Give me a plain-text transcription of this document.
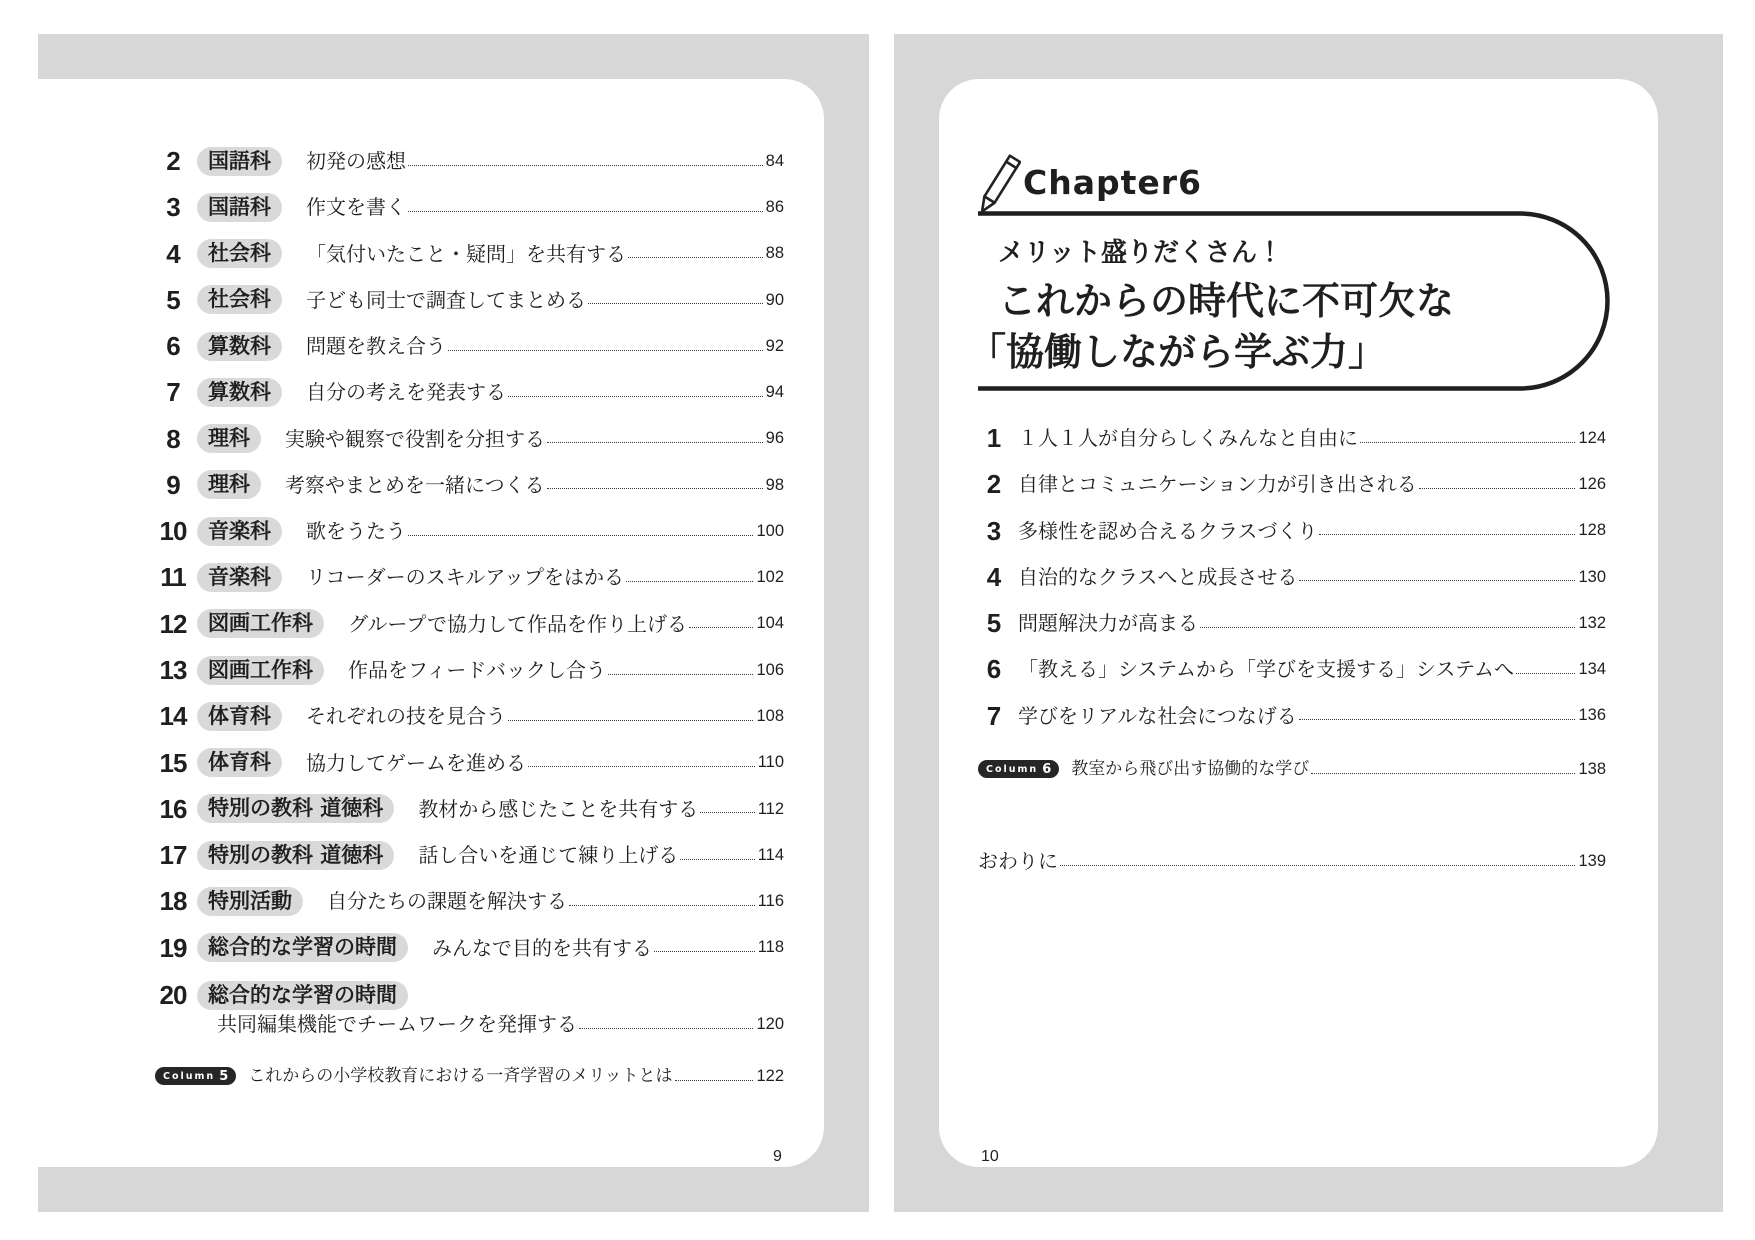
2	国語科	初発の感想	84
3	国語科	作文を書く	86
4	社会科	「気付いたこと・疑問」を共有する	88
5	社会科	子ども同士で調査してまとめる	90
6	算数科	問題を教え合う	92
7	算数科	自分の考えを発表する	94
8	理科	実験や観察で役割を分担する	96
9	理科	考察やまとめを一緒につくる	98
10	音楽科	歌をうたう	100
11	音楽科	リコーダーのスキルアップをはかる	102
12	図画工作科	グループで協力して作品を作り上げる	104
13	図画工作科	作品をフィードバックし合う	106
14	体育科	それぞれの技を見合う	108
15	体育科	協力してゲームを進める	110
16	特別の教科 道徳科	教材から感じたことを共有する	112
17	特別の教科 道徳科	話し合いを通じて練り上げる	114
18	特別活動	自分たちの課題を解決する	116
19	総合的な学習の時間	みんなで目的を共有する	118
20	総合的な学習の時間
共同編集機能でチームワークを発揮する	120
Column 5 これからの小学校教育における一斉学習のメリットとは	122
9
Chapter6
メリット盛りだくさん！
これからの時代に不可欠な
「協働しながら学ぶ力」
1 １人１人が自分らしくみんなと自由に	124
2 自律とコミュニケーション力が引き出される	126
3 多様性を認め合えるクラスづくり	128
4 自治的なクラスへと成長させる	130
5 問題解決力が高まる	132
6 「教える」システムから「学びを支援する」システムへ	134
7 学びをリアルな社会につなげる	136
Column 6 教室から飛び出す協働的な学び	138
おわりに	139
10
